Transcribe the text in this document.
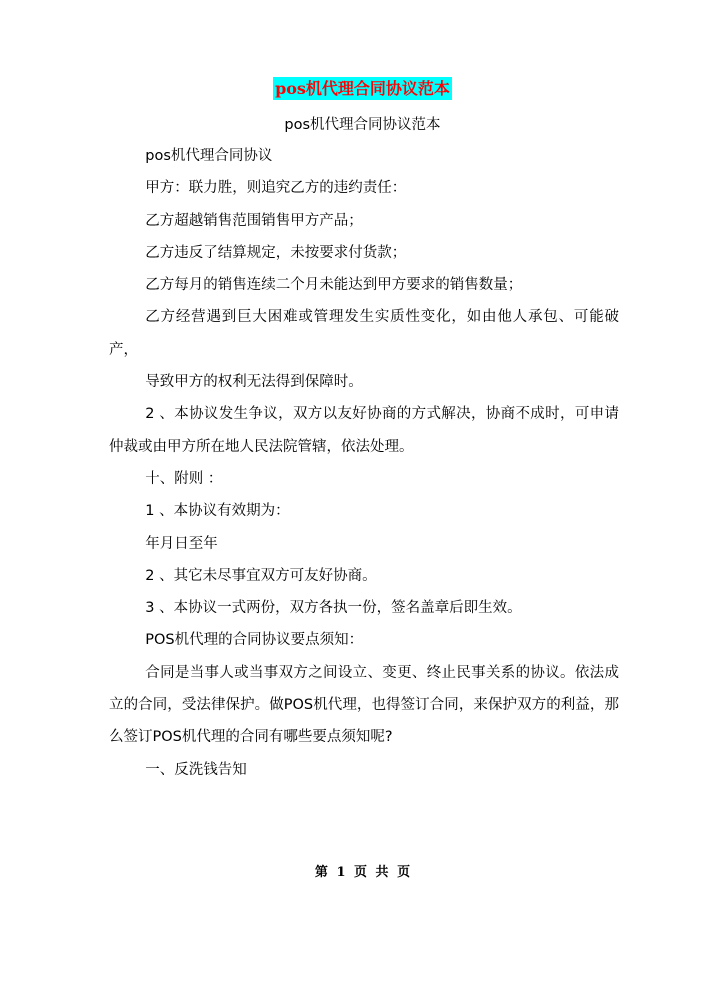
pos机代理合同协议范本
pos机代理合同协议范本

pos机代理合同协议

甲方：联力胜，则追究乙方的违约责任：

乙方超越销售范围销售甲方产品；

乙方违反了结算规定，未按要求付货款；

乙方每月的销售连续二个月未能达到甲方要求的销售数量；

乙方经营遇到巨大困难或管理发生实质性变化，如由他人承包、可能破产，

导致甲方的权利无法得到保障时。

2 、本协议发生争议，双方以友好协商的方式解决，协商不成时，可申请仲裁或由甲方所在地人民法院管辖，依法处理。

十、附则 ：

1 、本协议有效期为：

年月日至年

2 、其它未尽事宜双方可友好协商。

3 、本协议一式两份，双方各执一份，签名盖章后即生效。

POS机代理的合同协议要点须知：

合同是当事人或当事双方之间设立、变更、终止民事关系的协议。依法成立的合同，受法律保护。做POS机代理，也得签订合同，来保护双方的利益，那么签订POS机代理的合同有哪些要点须知呢?

一、反洗钱告知

第 1 页 共 页
